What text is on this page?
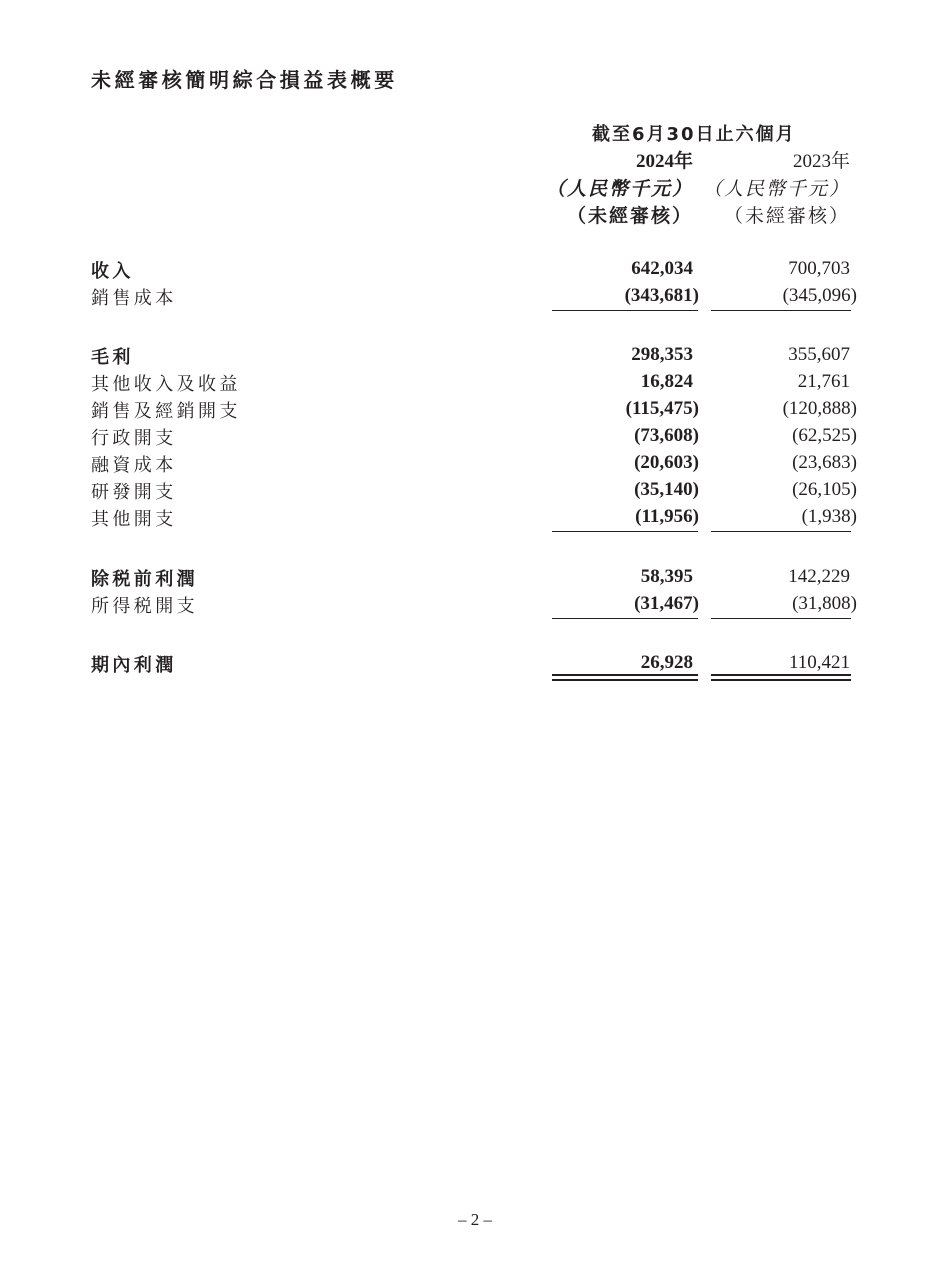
未經審核簡明綜合損益表概要
截至6月30日止六個月
2024年	2023年
（人民幣千元） （人民幣千元）
（未經審核） （未經審核）
收入	642,034	700,703
銷售成本	(343,681)	(345,096)
毛利	298,353	355,607
其他收入及收益	16,824	21,761
銷售及經銷開支	(115,475)	(120,888)
行政開支	(73,608)	(62,525)
融資成本	(20,603)	(23,683)
研發開支	(35,140)	(26,105)
其他開支	(11,956)	(1,938)
除税前利潤	58,395	142,229
所得税開支	(31,467)	(31,808)
期內利潤	26,928	110,421
– 2 –
